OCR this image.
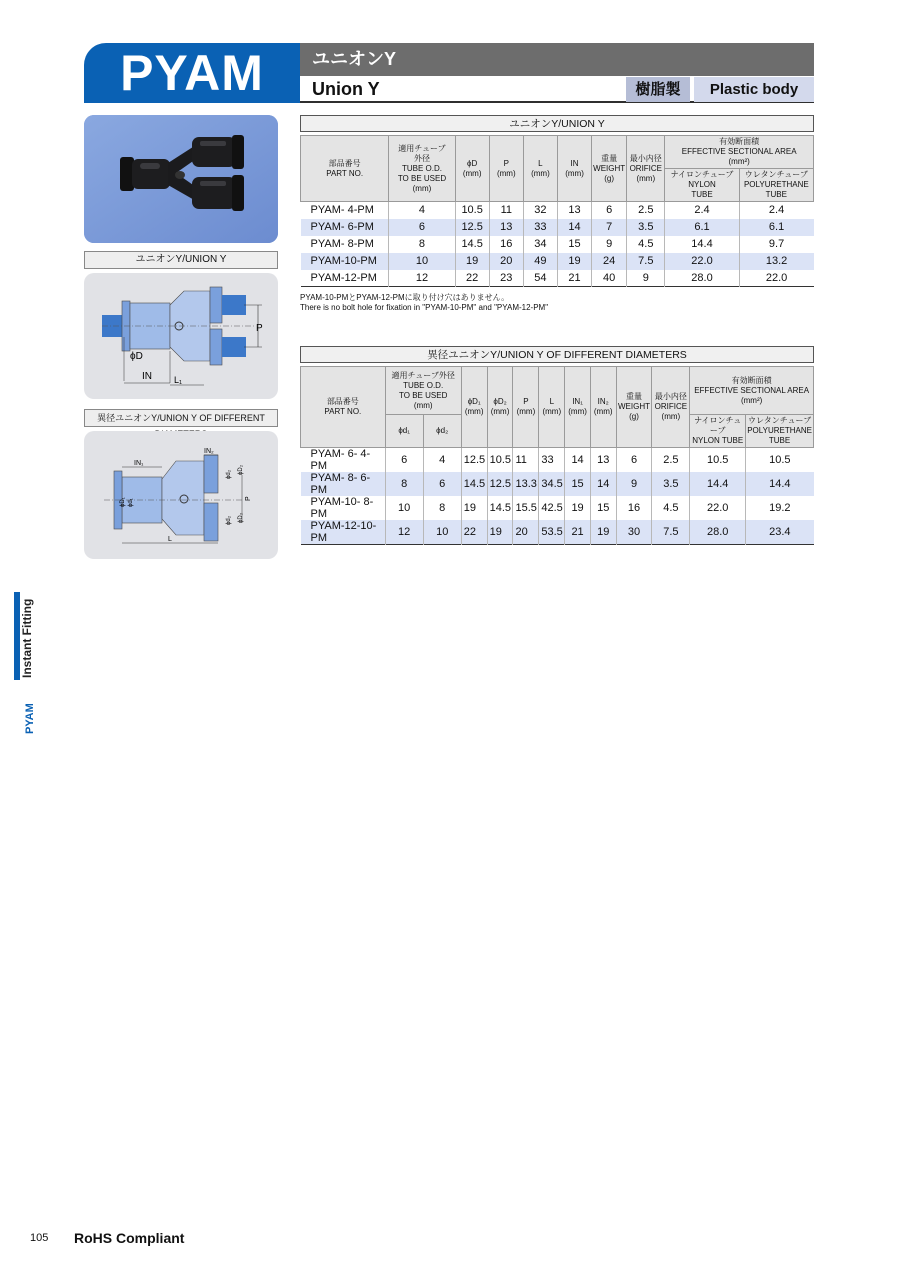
PYAM	ユニオンY
Union Y	樹脂製	Plastic body
ユニオンY/UNION Y
P
ϕD
IN L₁
異径ユニオンY/UNION Y OF DIFFERENT
IN₁
IN₂
ϕD₁ ϕd₁
ϕD₂
ϕd₂
ϕd₂ ϕD₂
P
L
ユニオンY/UNION Y
部品番号
PART NO.	適用チューブ
外径
TUBE O.D.
TO BE USED
(mm)	ϕD
(mm)	P
(mm)	L
(mm)	IN
(mm)	重量
WEIGHT
(g)	最小内径
ORIFICE
(mm)	有効断面積
EFFECTIVE SECTIONAL AREA
(mm²)	
								ナイロンチューブ
NYLON
TUBE	ウレタンチューブ
POLYURETHANE
TUBE
PYAM- 4-PM	4	10.5	11	32	13	6	2.5	2.4	2.4
PYAM- 6-PM	6	12.5	13	33	14	7	3.5	6.1	6.1
PYAM- 8-PM	8	14.5	16	34	15	9	4.5	14.4	9.7
PYAM-10-PM	10	19	20	49	19	24	7.5	22.0	13.2
PYAM-12-PM	12	22	23	54	21	40	9	28.0	22.0
PYAM-10-PMとPYAM-12-PMに取り付け穴はありません。
There is no bolt hole for fixation in "PYAM-10-PM" and "PYAM-12-PM"
異径ユニオンY/UNION Y OF DIFFERENT DIAMETERS
部品番号
PART NO.	適用チューブ外径
TUBE O.D.
TO BE USED
(mm)		ϕD₁
(mm)	ϕD₂
(mm)	P
(mm)	L
(mm)	IN₁
(mm)	IN₂
(mm)	重量
WEIGHT
(g)	最小内径
ORIFICE
(mm)	有効断面積
EFFECTIVE SECTIONAL AREA
(mm²)	
	ϕd₁	ϕd₂									ナイロンチューブ
NYLON TUBE	ウレタンチューブ
POLYURETHANE TUBE
PYAM- 6- 4-PM	6	4	12.5	10.5	11	33	14	13	6	2.5	10.5	10.5
PYAM- 8- 6-PM	8	6	14.5	12.5	13.3	34.5	15	14	9	3.5	14.4	14.4
PYAM-10- 8-PM	10	8	19	14.5	15.5	42.5	19	15	16	4.5	22.0	19.2
PYAM-12-10-PM	12	10	22	19	20	53.5	21	19	30	7.5	28.0	23.4
Instant Fitting
PYAM
105 RoHS Compliant
